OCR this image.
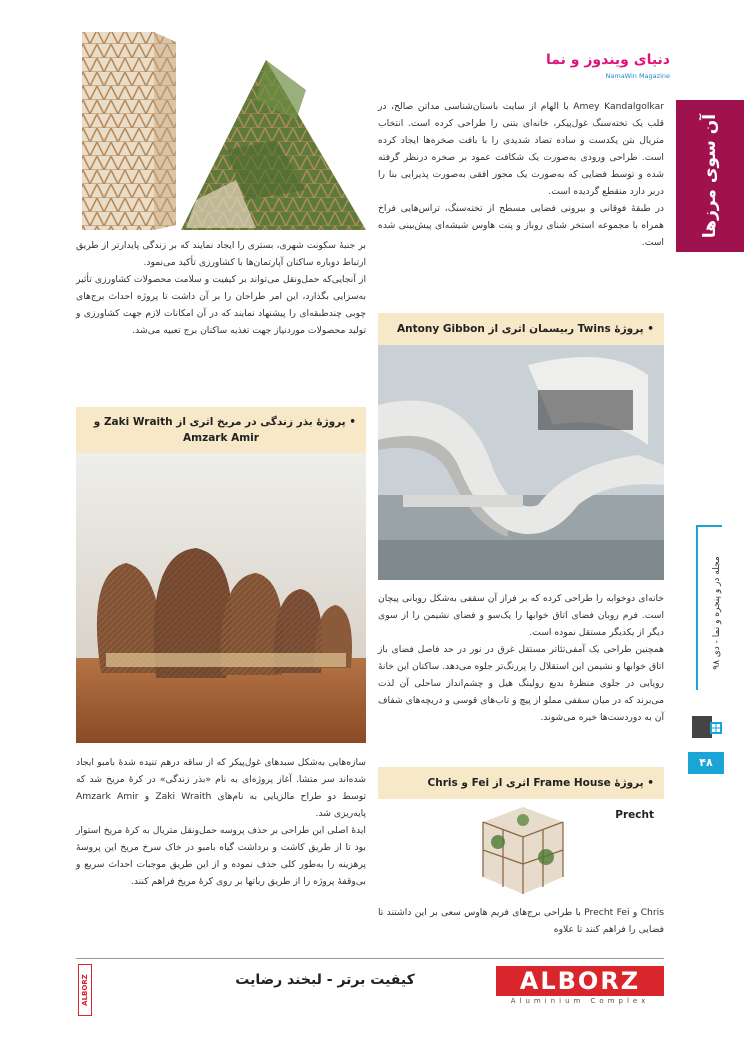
دنیای ویندوز و نما
NamaWin Magazine
آن سوی مرزها
مجله در و پنجره و نما - دی ۹۸
۴۸

Amey Kandalgolkar با الهام از سایت باستان‌شناسی مداتن صالح، در قلب یک تخته‌سنگ غول‌پیکر، خانه‌ای بتنی را طراحی کرده است. انتخاب متریال بتن یکدست و ساده تضاد شدیدی را با بافت صخره‌ها ایجاد کرده است. طراحی ورودی به‌صورت یک شکافت عمود بر صخره درنظر گرفته شده و توسط فضایی که به‌صورت یک محور افقی به‌صورت پذیرایی بنا را دربر دارد منقطع گردیده است.

در طبقهٔ فوقانی و بیرونی فضایی مسطح از تخته‌سنگ، تراس‌هایی فراخ همراه با مجموعه استخر شنای روباز و پنت هاوس شیشه‌ای پیش‌بینی شده است.

• پروژهٔ Twins ربیسمان اثری از Antony Gibbon

خانه‌ای دوخوابه را طراحی کرده که بر فراز آن سقفی به‌شکل روبانی پیچان است. فرم روبان فضای اتاق خوابها را یک‌سو و فضای نشیمن را از سوی دیگر از یکدیگر مستقل نموده است.

همچنین طراحی یک آمفی‌تئاتر مستقل غرق در نور در حد فاصل فضای باز اتاق خوابها و نشیمن این استقلال را پررنگ‌تر جلوه می‌دهد. ساکنان این خانهٔ رویایی در جلوی منظرهٔ بدیع رولینگ هیل و چشم‌انداز ساحلی آن لذت می‌برند که در میان سقفی مملو از پیچ و تاب‌های قوسی و دریچه‌های شفاف آن به دوردست‌ها خیره می‌شوند.

• پروژهٔ Frame House اثری از Fei و Chris Precht

Chris و Precht Fei با طراحی برج‌های فریم هاوس سعی بر این داشتند تا فضایی را فراهم کنند تا علاوه

بر جنبهٔ سکونت شهری، بستری را ایجاد نمایند که بر زندگی پایدارتر از طریق ارتباط دوباره ساکنان آپارتمان‌ها با کشاورزی تأکید می‌نمود.

از آنجایی‌که حمل‌ونقل می‌تواند بر کیفیت و سلامت محصولات کشاورزی تأثیر به‌سزایی بگذارد، این امر طراحان را بر آن داشت تا پروژه احداث برج‌های چوبی چندطبقه‌ای را پیشنهاد نمایند که در آن امکانات لازم جهت کشاورزی و تولید محصولات موردنیاز جهت تغذیه ساکنان برج تعبیه می‌شد.

• پروژهٔ بذر زندگی در مریخ اثری از Zaki Wraith و
Amzark Amir

سازه‌هایی به‌شکل سبدهای غول‌پیکر که از ساقه درهم تنیده شدهٔ بامبو ایجاد شده‌اند سر متشا. آغاز پروژه‌ای به نام «بذر زندگی» در کرهٔ مریخ شد که توسط دو طراح مالزیایی به نام‌های Zaki Wraith و Amzark Amir پایه‌ریزی شد.

ایدهٔ اصلی این طراحی بر حذف پروسه حمل‌ونقل متریال به کرهٔ مریخ استوار بود تا از طریق کاشت و برداشت گیاه بامبو در خاک سرخ مریخ این پروسهٔ پرهزینه را به‌طور کلی حذف نموده و از این طریق موجبات احداث سریع و بی‌وقفهٔ پروژه را از طریق رباتها بر روی کرهٔ مریخ فراهم کنند.

ALBORZ	کیفیت برتر - لبخند رضایت	ALBORZ
Aluminium Complex
